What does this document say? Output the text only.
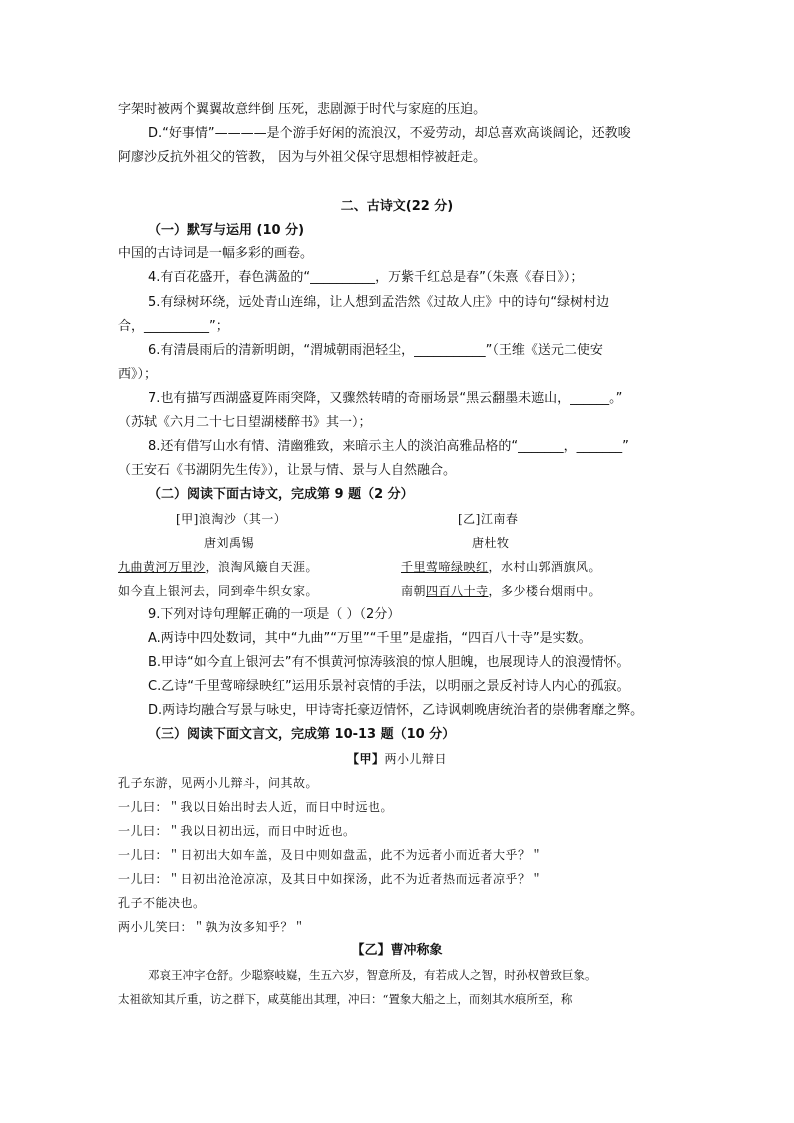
字架时被两个翼翼故意绊倒 压死，悲剧源于时代与家庭的压迫。
D.“好事情”————是个游手好闲的流浪汉，不爱劳动，却总喜欢高谈阔论，还教唆
阿廖沙反抗外祖父的管教， 因为与外祖父保守思想相悖被赶走。
二、古诗文(22 分)
（一）默写与运用 (10 分)
中国的古诗词是一幅多彩的画卷。
4.有百花盛开，春色满盈的“__________，万紫千红总是春”（朱熹《春日》）；
5.有绿树环绕，远处青山连绵，让人想到孟浩然《过故人庄》中的诗句“绿树村边
合，__________”；
6.有清晨雨后的清新明朗，“渭城朝雨浥轻尘，___________”（王维《送元二使安
西》）；
7.也有描写西湖盛夏阵雨突降，又骤然转晴的奇丽场景“黑云翻墨未遮山，______。”
（苏轼《六月二十七日望湖楼醉书》其一）；
8.还有借写山水有情、清幽雅致，来暗示主人的淡泊高雅品格的“_______，_______”
（王安石《书湖阴先生传》），让景与情、景与人自然融合。
（二）阅读下面古诗文，完成第 9 题（2 分）
[甲]浪淘沙（其一）
唐刘禹锡
九曲黄河万里沙，浪淘风簸自天涯。
如今直上银河去，同到牵牛织女家。
[乙]江南春
唐杜牧
千里莺啼绿映红，水村山郭酒旗风。
南朝四百八十寺，多少楼台烟雨中。
9.下列对诗句理解正确的一项是（ ）（2分）
A.两诗中四处数词，其中“九曲”“万里”“千里”是虚指，“四百八十寺”是实数。
B.甲诗“如今直上银河去”有不惧黄河惊涛骇浪的惊人胆魄，也展现诗人的浪漫情怀。
C.乙诗“千里莺啼绿映红”运用乐景衬哀情的手法，以明丽之景反衬诗人内心的孤寂。
D.两诗均融合写景与咏史，甲诗寄托豪迈情怀，乙诗讽刺晚唐统治者的崇佛奢靡之弊。
（三）阅读下面文言文，完成第 10-13 题（10 分）
【甲】两小儿辩日
孔子东游，见两小儿辩斗，问其故。
一儿曰：＂我以日始出时去人近，而日中时远也。
一儿曰：＂我以日初出远，而日中时近也。
一儿曰：＂日初出大如车盖，及日中则如盘盂，此不为远者小而近者大乎？＂
一儿曰：＂日初出沧沧凉凉，及其日中如探汤，此不为近者热而远者凉乎？＂
孔子不能决也。
两小儿笑曰：＂孰为汝多知乎？＂
【乙】曹冲称象
邓哀王冲字仓舒。少聪察岐嶷，生五六岁，智意所及，有若成人之智，时孙权曾致巨象。
太祖欲知其斤重，访之群下，咸莫能出其理，冲曰：“置象大船之上，而刻其水痕所至，称
